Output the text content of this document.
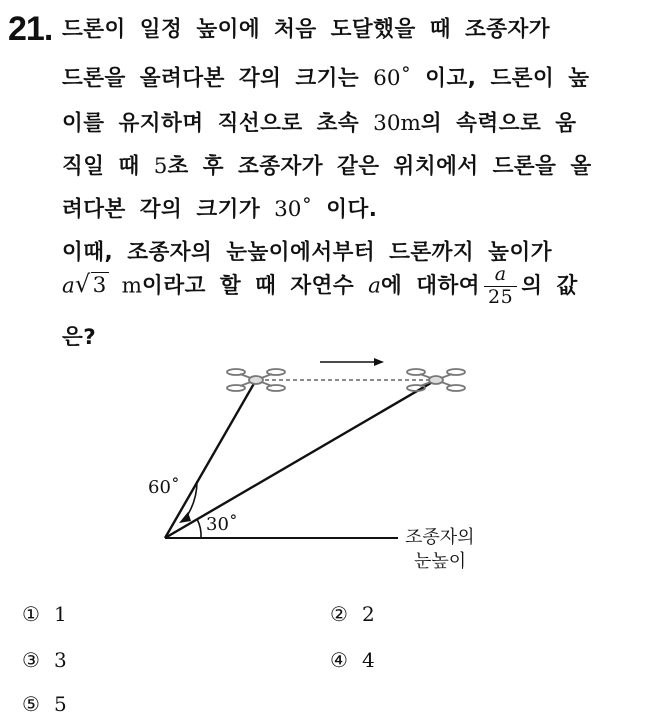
21. 드론이 일정 높이에 처음 도달했을 때 조종자가
드론을 올려다본 각의 크기는 60˚ 이고, 드론이 높
이를 유지하며 직선으로 초속 30m의 속력으로 움
직일 때 5초 후 조종자가 같은 위치에서 드론을 올
려다본 각의 크기가 30˚ 이다.
이때, 조종자의 눈높이에서부터 드론까지 높이가
a√3 m이라고 할 때 자연수 a에 대하여 $\frac{a}{25}$ 의 값
은?
60˚
30˚
조종자의
눈높이
① 1	② 2
③ 3	④ 4
⑤ 5
